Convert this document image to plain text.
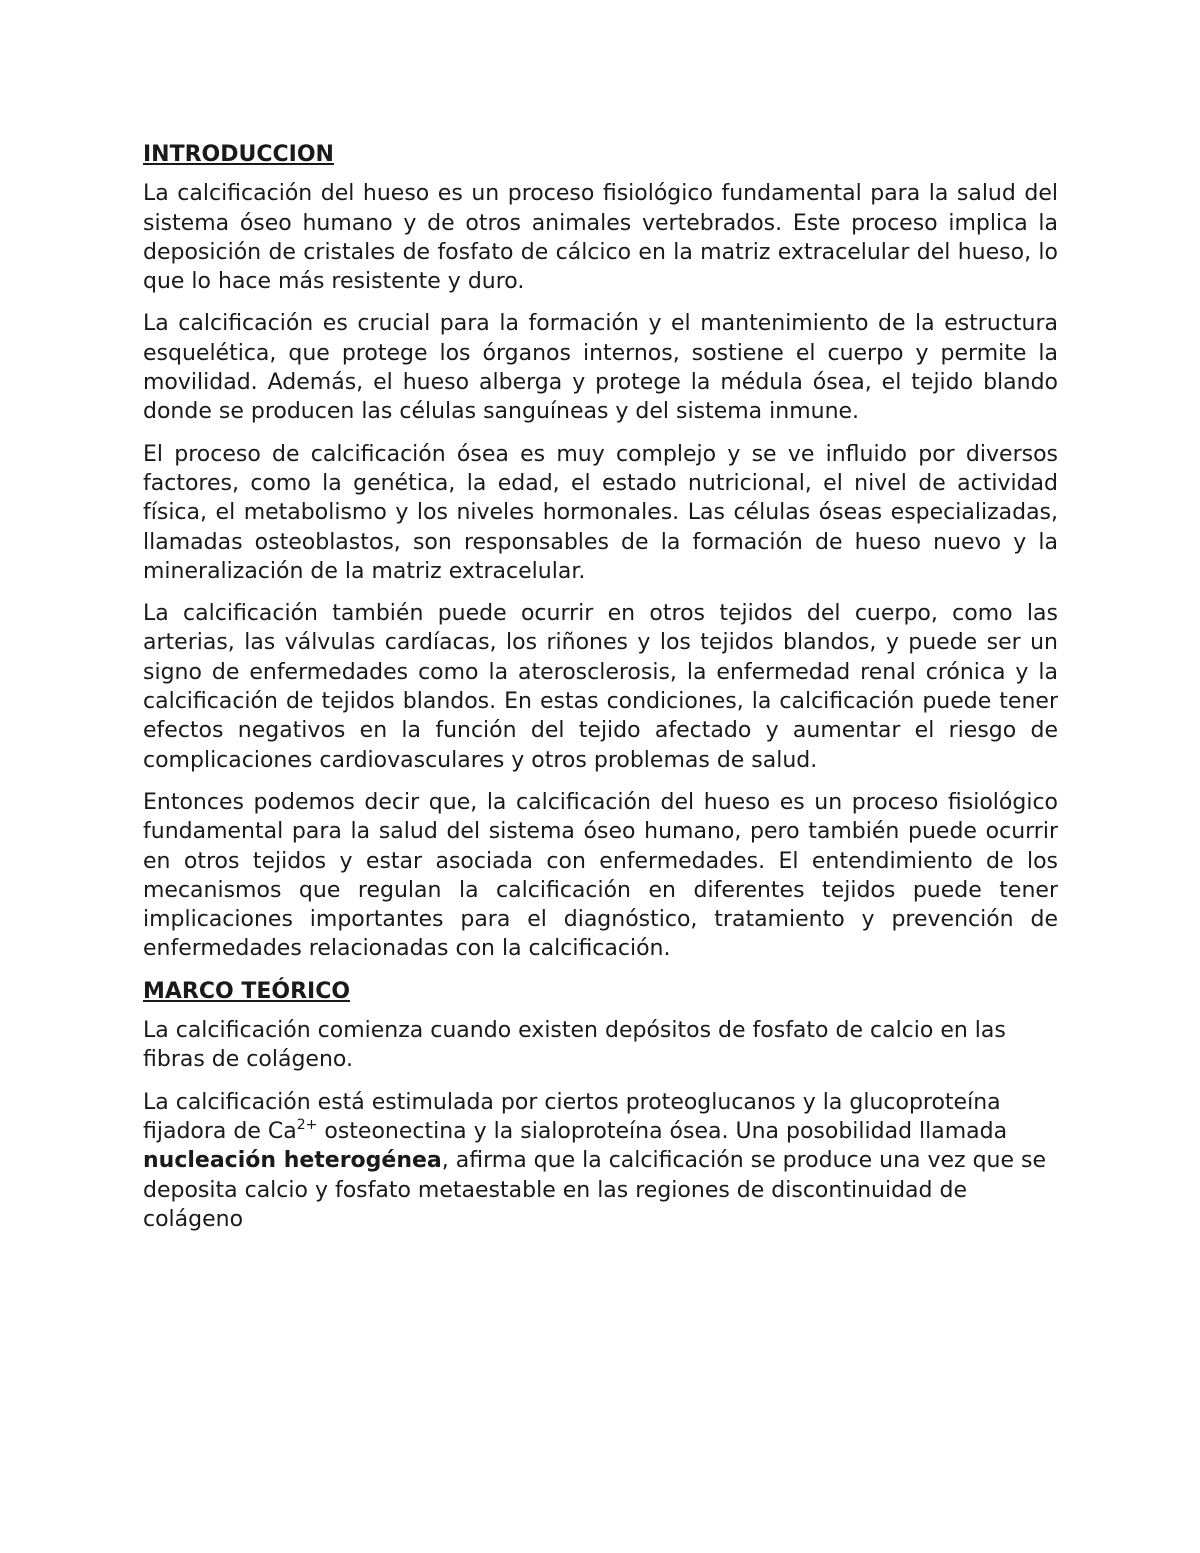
INTRODUCCION

La calcificación del hueso es un proceso fisiológico fundamental para la salud del sistema óseo humano y de otros animales vertebrados. Este proceso implica la deposición de cristales de fosfato de cálcico en la matriz extracelular del hueso, lo que lo hace más resistente y duro.

La calcificación es crucial para la formación y el mantenimiento de la estructura esquelética, que protege los órganos internos, sostiene el cuerpo y permite la movilidad. Además, el hueso alberga y protege la médula ósea, el tejido blando donde se producen las células sanguíneas y del sistema inmune.

El proceso de calcificación ósea es muy complejo y se ve influido por diversos factores, como la genética, la edad, el estado nutricional, el nivel de actividad física, el metabolismo y los niveles hormonales. Las células óseas especializadas, llamadas osteoblastos, son responsables de la formación de hueso nuevo y la mineralización de la matriz extracelular.

La calcificación también puede ocurrir en otros tejidos del cuerpo, como las arterias, las válvulas cardíacas, los riñones y los tejidos blandos, y puede ser un signo de enfermedades como la aterosclerosis, la enfermedad renal crónica y la calcificación de tejidos blandos. En estas condiciones, la calcificación puede tener efectos negativos en la función del tejido afectado y aumentar el riesgo de complicaciones cardiovasculares y otros problemas de salud.

Entonces podemos decir que, la calcificación del hueso es un proceso fisiológico fundamental para la salud del sistema óseo humano, pero también puede ocurrir en otros tejidos y estar asociada con enfermedades. El entendimiento de los mecanismos que regulan la calcificación en diferentes tejidos puede tener implicaciones importantes para el diagnóstico, tratamiento y prevención de enfermedades relacionadas con la calcificación.

MARCO TEÓRICO

La calcificación comienza cuando existen depósitos de fosfato de calcio en las fibras de colágeno.

La calcificación está estimulada por ciertos proteoglucanos y la glucoproteína fijadora de $Ca^{2+}$ osteonectina y la sialoproteína ósea. Una posobilidad llamada nucleación heterogénea, afirma que la calcificación se produce una vez que se deposita calcio y fosfato metaestable en las regiones de discontinuidad de colágeno
